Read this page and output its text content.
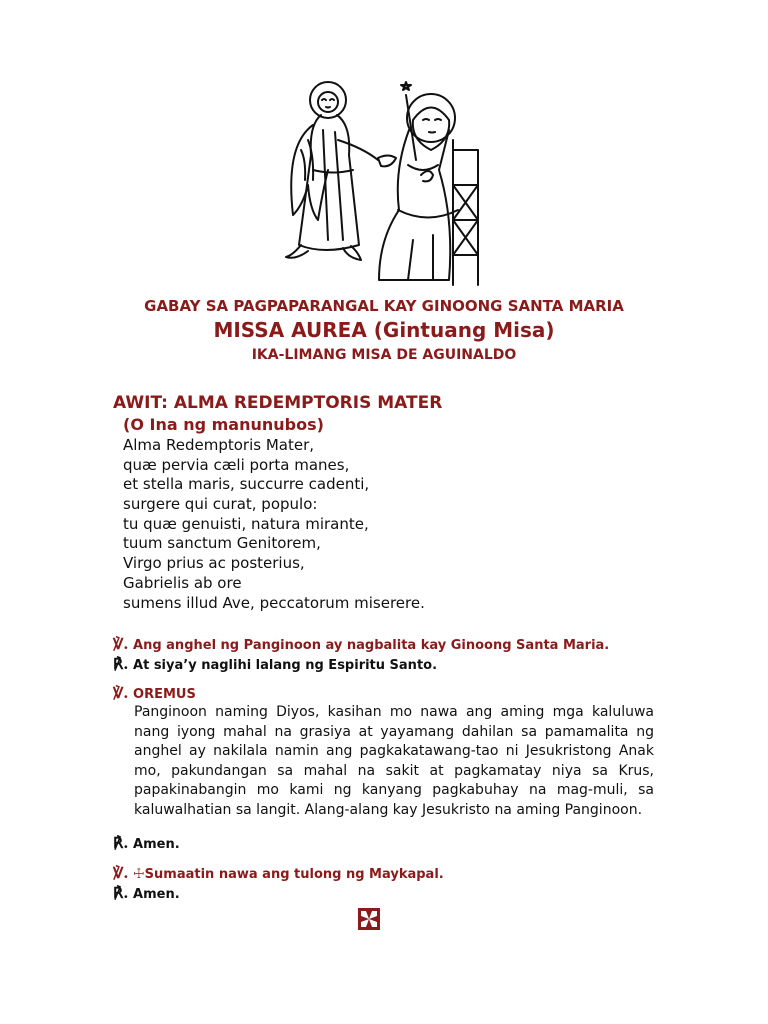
GABAY SA PAGPAPARANGAL KAY GINOONG SANTA MARIA
MISSA AUREA (Gintuang Misa)
IKA-LIMANG MISA DE AGUINALDO
AWIT: ALMA REDEMPTORIS MATER
(O Ina ng manunubos)
Alma Redemptoris Mater,
quæ pervia cæli porta manes,
et stella maris, succurre cadenti,
surgere qui curat, populo:
tu quæ genuisti, natura mirante,
tuum sanctum Genitorem,
Virgo prius ac posterius,
Gabrielis ab ore
sumens illud Ave, peccatorum miserere.
℣. Ang anghel ng Panginoon ay nagbalita kay Ginoong Santa Maria.
℟. At siya’y naglihi lalang ng Espiritu Santo.
℣. OREMUS

Panginoon naming Diyos, kasihan mo nawa ang aming mga kaluluwa nang iyong mahal na grasiya at yayamang dahilan sa pamamalita ng anghel ay nakilala namin ang pagkakatawang-tao ni Jesukristong Anak mo, pakundangan sa mahal na sakit at pagkamatay niya sa Krus, papakinabangin mo kami ng kanyang pagkabuhay na mag-muli, sa kaluwalhatian sa langit. Alang-alang kay Jesukristo na aming Panginoon.

℟. Amen.
℣. ☩Sumaatin nawa ang tulong ng Maykapal.
℟. Amen.
